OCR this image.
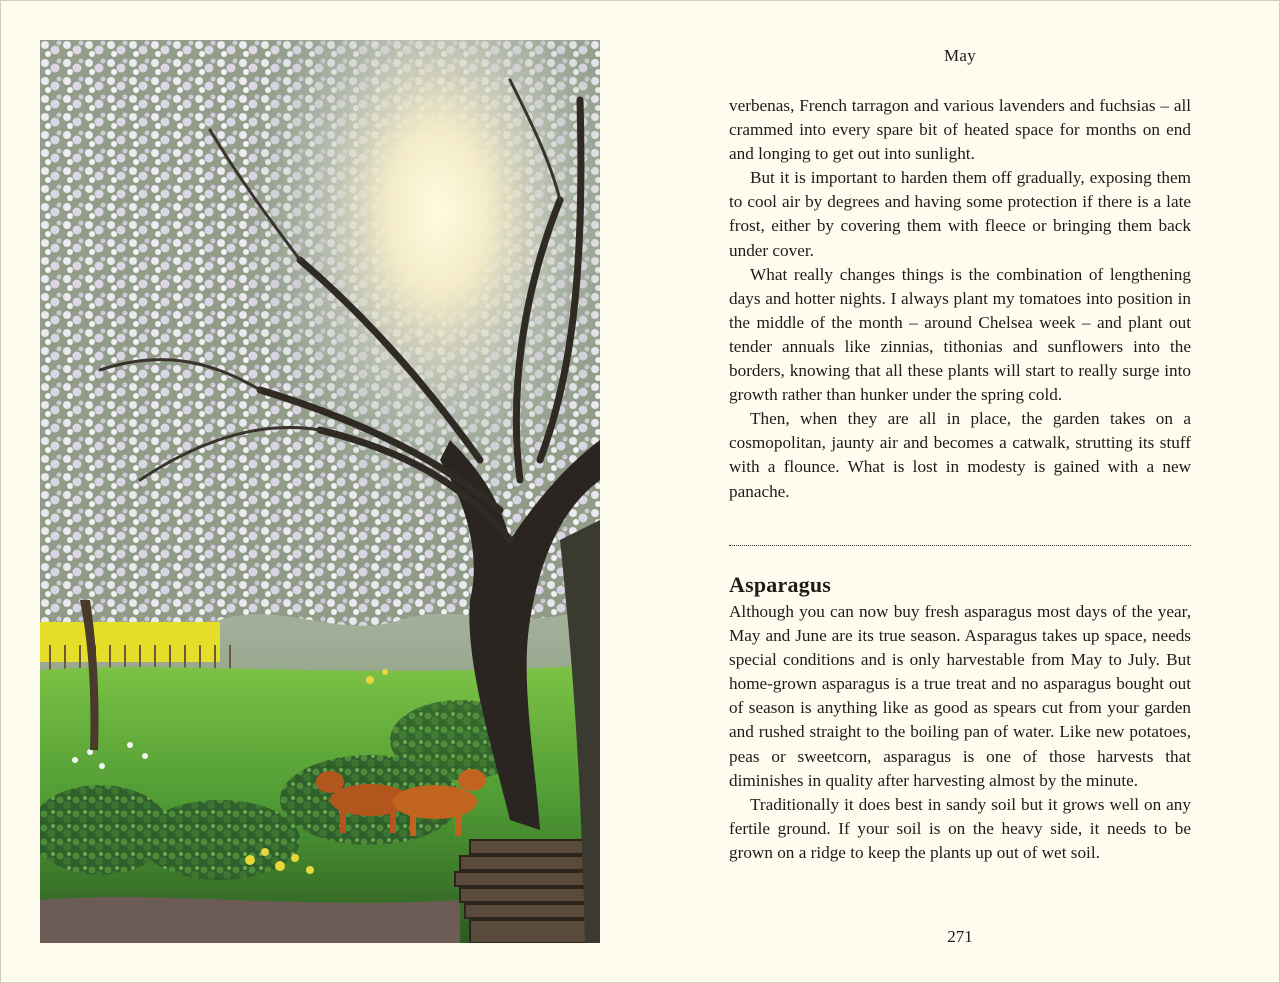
May

verbenas, French tarragon and various lavenders and fuchsias – all crammed into every spare bit of heated space for months on end and longing to get out into sunlight.

But it is important to harden them off gradually, exposing them to cool air by degrees and having some protection if there is a late frost, either by covering them with fleece or bringing them back under cover.

What really changes things is the combination of lengthening days and hotter nights. I always plant my tomatoes into position in the middle of the month – around Chelsea week – and plant out tender annuals like zinnias, tithonias and sunflowers into the borders, knowing that all these plants will start to really surge into growth rather than hunker under the spring cold.

Then, when they are all in place, the garden takes on a cosmopolitan, jaunty air and becomes a catwalk, strutting its stuff with a flounce. What is lost in modesty is gained with a new panache.

Asparagus

Although you can now buy fresh asparagus most days of the year, May and June are its true season. Asparagus takes up space, needs special conditions and is only harvestable from May to July. But home-grown asparagus is a true treat and no asparagus bought out of season is anything like as good as spears cut from your garden and rushed straight to the boiling pan of water. Like new potatoes, peas or sweetcorn, asparagus is one of those harvests that diminishes in quality after harvesting almost by the minute.

Traditionally it does best in sandy soil but it grows well on any fertile ground. If your soil is on the heavy side, it needs to be grown on a ridge to keep the plants up out of wet soil.

271
